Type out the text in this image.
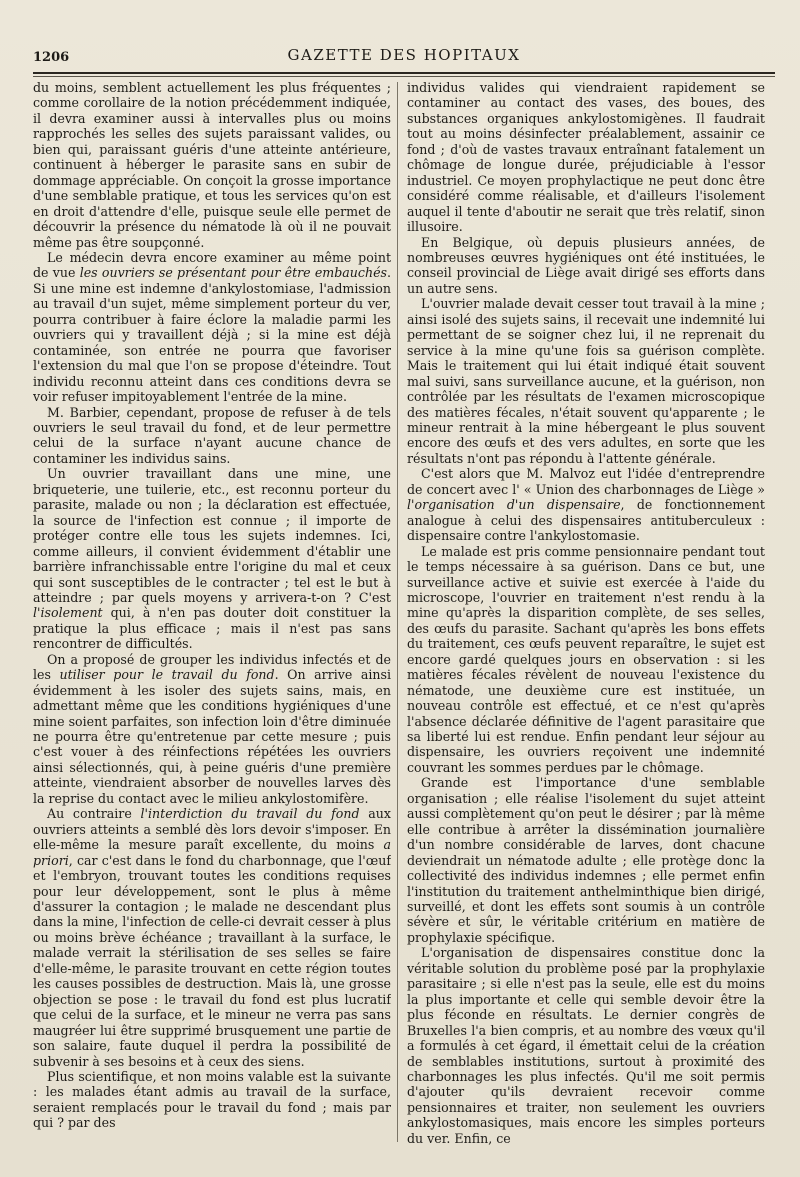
1206	GAZETTE DES HOPITAUX

du moins, semblent actuellement les plus fréquentes ; comme corollaire de la notion précédemment indiquée, il devra examiner aussi à intervalles plus ou moins rapprochés les selles des sujets paraissant valides, ou bien qui, paraissant guéris d'une atteinte antérieure, continuent à héberger le parasite sans en subir de dommage appréciable. On conçoit la grosse importance d'une semblable pratique, et tous les services qu'on est en droit d'attendre d'elle, puisque seule elle permet de découvrir la présence du nématode là où il ne pouvait même pas être soupçonné.

Le médecin devra encore examiner au même point de vue les ouvriers se présentant pour être embauchés. Si une mine est indemne d'ankylostomiase, l'admission au travail d'un sujet, même simplement porteur du ver, pourra contribuer à faire éclore la maladie parmi les ouvriers qui y travaillent déjà ; si la mine est déjà contaminée, son entrée ne pourra que favoriser l'extension du mal que l'on se propose d'éteindre. Tout individu reconnu atteint dans ces conditions devra se voir refuser impitoyablement l'entrée de la mine.

M. Barbier, cependant, propose de refuser à de tels ouvriers le seul travail du fond, et de leur permettre celui de la surface n'ayant aucune chance de contaminer les individus sains.

Un ouvrier travaillant dans une mine, une briqueterie, une tuilerie, etc., est reconnu porteur du parasite, malade ou non ; la déclaration est effectuée, la source de l'infection est connue ; il importe de protéger contre elle tous les sujets indemnes. Ici, comme ailleurs, il convient évidemment d'établir une barrière infranchissable entre l'origine du mal et ceux qui sont susceptibles de le contracter ; tel est le but à atteindre ; par quels moyens y arrivera-t-on ? C'est l'isolement qui, à n'en pas douter doit constituer la pratique la plus efficace ; mais il n'est pas sans rencontrer de difficultés.

On a proposé de grouper les individus infectés et de les utiliser pour le travail du fond. On arrive ainsi évidemment à les isoler des sujets sains, mais, en admettant même que les conditions hygiéniques d'une mine soient parfaites, son infection loin d'être diminuée ne pourra être qu'entretenue par cette mesure ; puis c'est vouer à des réinfections répétées les ouvriers ainsi sélectionnés, qui, à peine guéris d'une première atteinte, viendraient absorber de nouvelles larves dès la reprise du contact avec le milieu ankylostomifère.

Au contraire l'interdiction du travail du fond aux ouvriers atteints a semblé dès lors devoir s'imposer. En elle-même la mesure paraît excellente, du moins a priori, car c'est dans le fond du charbonnage, que l'œuf et l'embryon, trouvant toutes les conditions requises pour leur développement, sont le plus à même d'assurer la contagion ; le malade ne descendant plus dans la mine, l'infection de celle-ci devrait cesser à plus ou moins brève échéance ; travaillant à la surface, le malade verrait la stérilisation de ses selles se faire d'elle-même, le parasite trouvant en cette région toutes les causes possibles de destruction. Mais là, une grosse objection se pose : le travail du fond est plus lucratif que celui de la surface, et le mineur ne verra pas sans maugréer lui être supprimé brusquement une partie de son salaire, faute duquel il perdra la possibilité de subvenir à ses besoins et à ceux des siens.

Plus scientifique, et non moins valable est la suivante : les malades étant admis au travail de la surface, seraient remplacés pour le travail du fond ; mais par qui ? par des

individus valides qui viendraient rapidement se contaminer au contact des vases, des boues, des substances organiques ankylostomigènes. Il faudrait tout au moins désinfecter préalablement, assainir ce fond ; d'où de vastes travaux entraînant fatalement un chômage de longue durée, préjudiciable à l'essor industriel. Ce moyen prophylactique ne peut donc être considéré comme réalisable, et d'ailleurs l'isolement auquel il tente d'aboutir ne serait que très relatif, sinon illusoire.

En Belgique, où depuis plusieurs années, de nombreuses œuvres hygiéniques ont été instituées, le conseil provincial de Liège avait dirigé ses efforts dans un autre sens.

L'ouvrier malade devait cesser tout travail à la mine ; ainsi isolé des sujets sains, il recevait une indemnité lui permettant de se soigner chez lui, il ne reprenait du service à la mine qu'une fois sa guérison complète. Mais le traitement qui lui était indiqué était souvent mal suivi, sans surveillance aucune, et la guérison, non contrôlée par les résultats de l'examen microscopique des matières fécales, n'était souvent qu'apparente ; le mineur rentrait à la mine hébergeant le plus souvent encore des œufs et des vers adultes, en sorte que les résultats n'ont pas répondu à l'attente générale.

C'est alors que M. Malvoz eut l'idée d'entreprendre de concert avec l' « Union des charbonnages de Liège » l'organisation d'un dispensaire, de fonctionnement analogue à celui des dispensaires antituberculeux : dispensaire contre l'ankylostomasie.

Le malade est pris comme pensionnaire pendant tout le temps nécessaire à sa guérison. Dans ce but, une surveillance active et suivie est exercée à l'aide du microscope, l'ouvrier en traitement n'est rendu à la mine qu'après la disparition complète, de ses selles, des œufs du parasite. Sachant qu'après les bons effets du traitement, ces œufs peuvent reparaître, le sujet est encore gardé quelques jours en observation : si les matières fécales révèlent de nouveau l'existence du nématode, une deuxième cure est instituée, un nouveau contrôle est effectué, et ce n'est qu'après l'absence déclarée définitive de l'agent parasitaire que sa liberté lui est rendue. Enfin pendant leur séjour au dispensaire, les ouvriers reçoivent une indemnité couvrant les sommes perdues par le chômage.

Grande est l'importance d'une semblable organisation ; elle réalise l'isolement du sujet atteint aussi complètement qu'on peut le désirer ; par là même elle contribue à arrêter la dissémination journalière d'un nombre considérable de larves, dont chacune deviendrait un nématode adulte ; elle protège donc la collectivité des individus indemnes ; elle permet enfin l'institution du traitement anthelminthique bien dirigé, surveillé, et dont les effets sont soumis à un contrôle sévère et sûr, le véritable critérium en matière de prophylaxie spécifique.

L'organisation de dispensaires constitue donc la véritable solution du problème posé par la prophylaxie parasitaire ; si elle n'est pas la seule, elle est du moins la plus importante et celle qui semble devoir être la plus féconde en résultats. Le dernier congrès de Bruxelles l'a bien compris, et au nombre des vœux qu'il a formulés à cet égard, il émettait celui de la création de semblables institutions, surtout à proximité des charbonnages les plus infectés. Qu'il me soit permis d'ajouter qu'ils devraient recevoir comme pensionnaires et traiter, non seulement les ouvriers ankylostomasiques, mais encore les simples porteurs du ver. Enfin, ce
